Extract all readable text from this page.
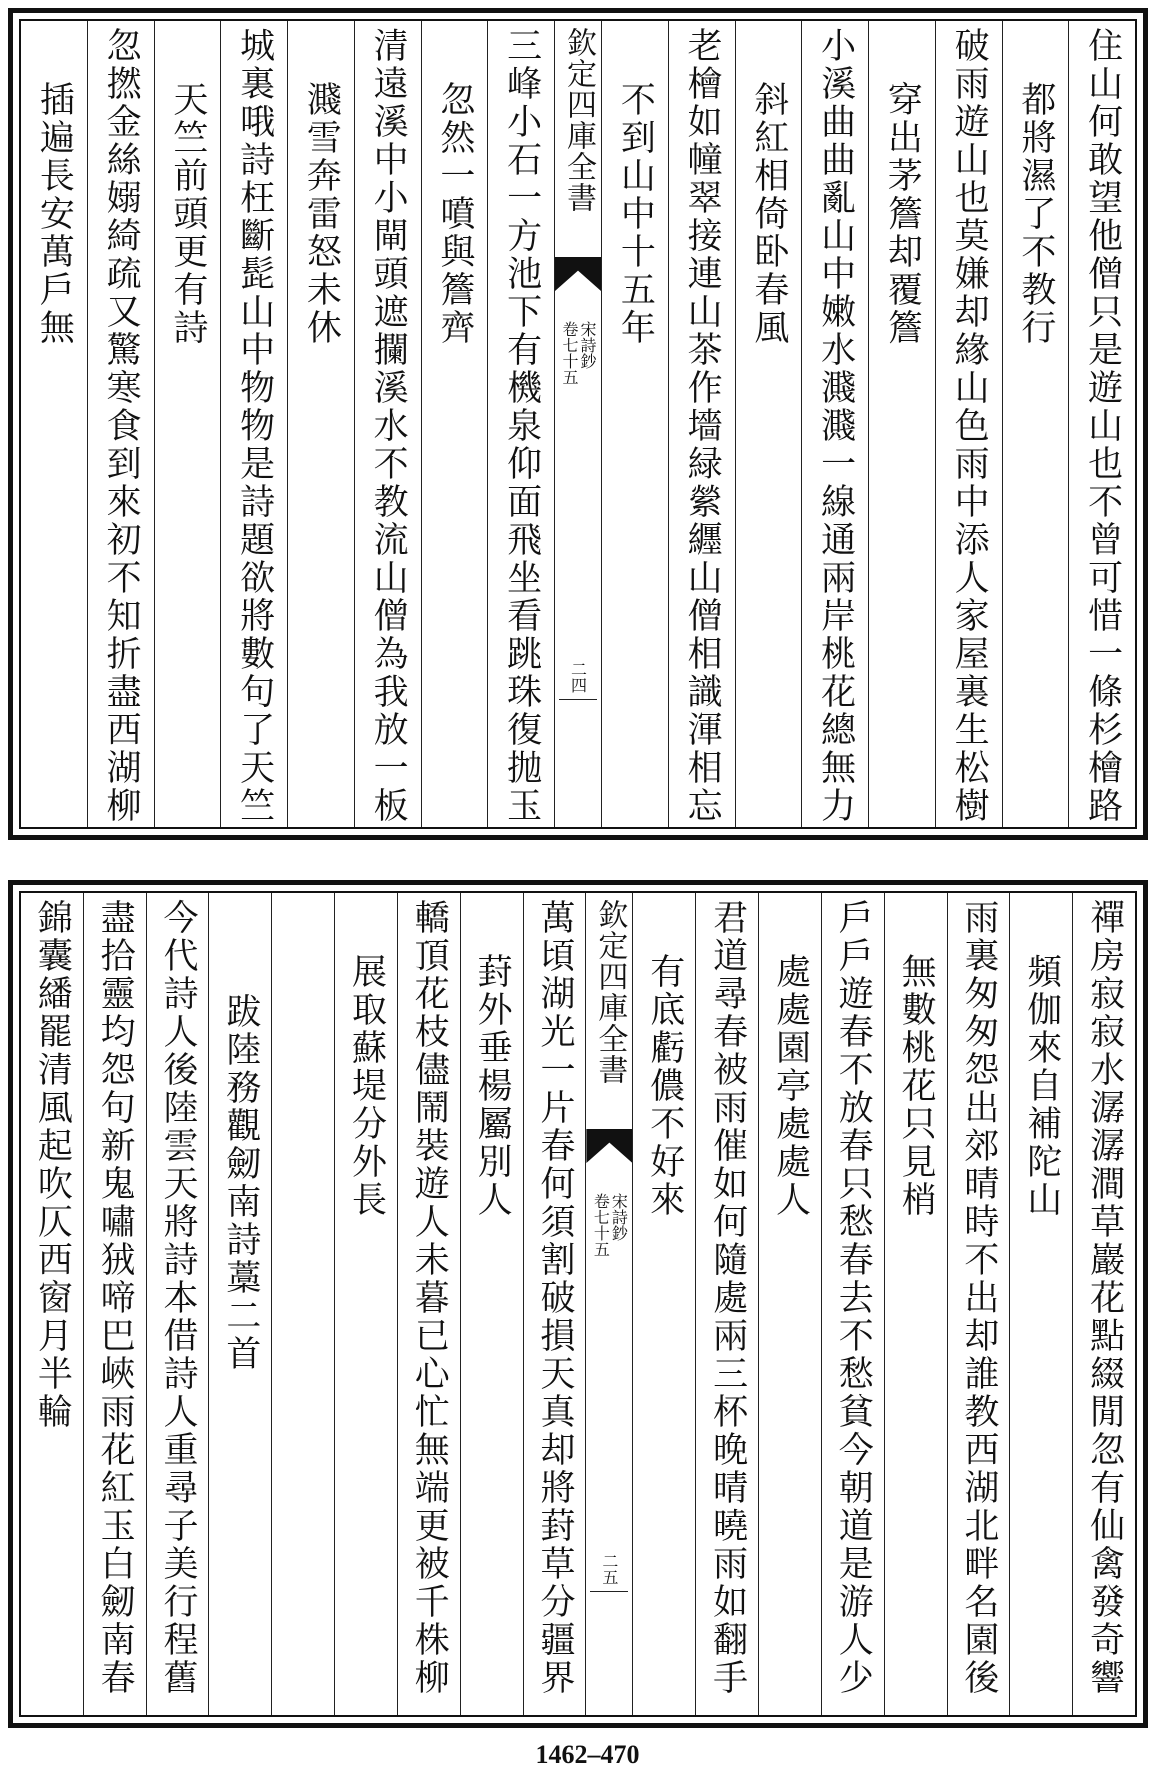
住山何敢望他僧只是遊山也不曾可惜一條杉檜路
都將濕了不教行
破雨遊山也莫嫌却緣山色雨中添人家屋裏生松樹
穿出茅簷却覆簷
小溪曲曲亂山中嫩水濺濺一線通兩岸桃花總無力
斜紅相倚卧春風
老檜如幢翠接連山茶作墻緑縈纒山僧相識渾相忘
不到山中十五年
欽定四庫全書
宋詩鈔
卷七十五
二四
三峰小石一方池下有機泉仰面飛坐看跳珠復抛玉
忽然一噴與簷齊
清遠溪中小閘頭遮攔溪水不教流山僧為我放一板
濺雪奔雷怒未休
城裏哦詩枉斷髭山中物物是詩題欲將數句了天竺
天竺前頭更有詩
忽撚金絲嫋綺疏又驚寒食到來初不知折盡西湖柳
插遍長安萬戶無
禪房寂寂水潺潺澗草巖花點綴閒忽有仙禽發奇響
頻伽來自補陀山
雨裏匆匆怨出郊晴時不出却誰教西湖北畔名園後
無數桃花只見梢
戶戶遊春不放春只愁春去不愁貧今朝道是游人少
處處園亭處處人
君道尋春被雨催如何隨處兩三杯晚晴曉雨如翻手
有底虧儂不好來
欽定四庫全書
宋詩鈔
卷七十五
二五
萬頃湖光一片春何須割破損天真却將葑草分疆界
葑外垂楊屬別人
轎頂花枝儘鬧裝遊人未暮已心忙無端更被千株柳
展取蘇堤分外長
跋陸務觀劒南詩藁二首
今代詩人後陸雲天將詩本借詩人重尋子美行程舊
盡拾靈均怨句新鬼嘯狨啼巴峽雨花紅玉白劒南春
錦囊繙罷清風起吹仄西窗月半輪
1462–470
